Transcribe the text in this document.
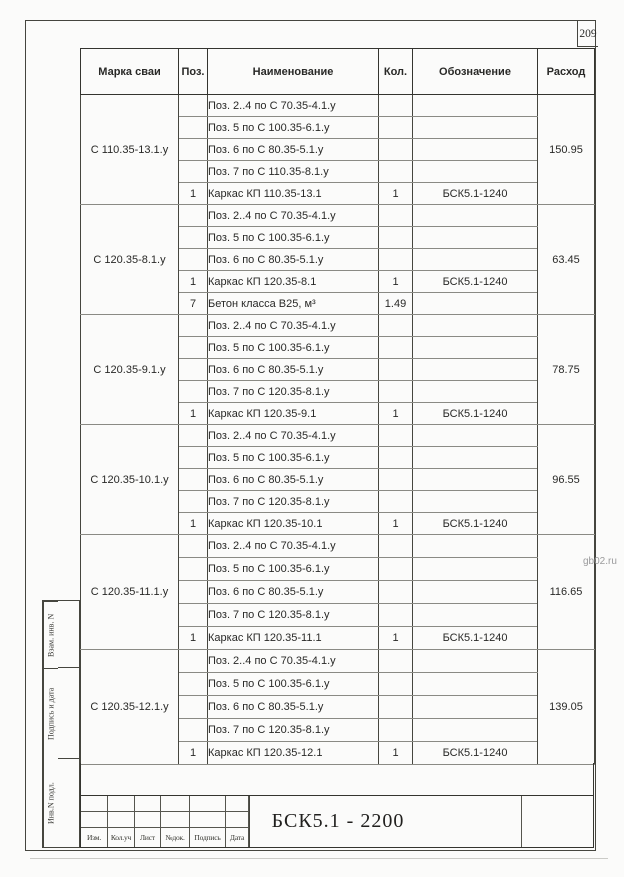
209
Марка сваи	Поз.	Наименование	Кол.	Обозначение	Расход
С 110.35-13.1.у		Поз. 2..4 по С 70.35-4.1.у			150.95
		Поз. 5 по С 100.35-6.1.у			
		Поз. 6 по С 80.35-5.1.у			
		Поз. 7 по С 110.35-8.1.у			
	1	Каркас КП 110.35-13.1	1	БСК5.1-1240	
С 120.35-8.1.у		Поз. 2..4 по С 70.35-4.1.у			63.45
		Поз. 5 по С 100.35-6.1.у			
		Поз. 6 по С 80.35-5.1.у			
	1	Каркас КП 120.35-8.1	1	БСК5.1-1240	
	7	Бетон класса В25, м³	1.49		
С 120.35-9.1.у		Поз. 2..4 по С 70.35-4.1.у			78.75
		Поз. 5 по С 100.35-6.1.у			
		Поз. 6 по С 80.35-5.1.у			
		Поз. 7 по С 120.35-8.1.у			
	1	Каркас КП 120.35-9.1	1	БСК5.1-1240	
С 120.35-10.1.у		Поз. 2..4 по С 70.35-4.1.у			96.55
		Поз. 5 по С 100.35-6.1.у			
		Поз. 6 по С 80.35-5.1.у			
		Поз. 7 по С 120.35-8.1.у			
	1	Каркас КП 120.35-10.1	1	БСК5.1-1240	
С 120.35-11.1.у		Поз. 2..4 по С 70.35-4.1.у			116.65
		Поз. 5 по С 100.35-6.1.у			
		Поз. 6 по С 80.35-5.1.у			
		Поз. 7 по С 120.35-8.1.у			
	1	Каркас КП 120.35-11.1	1	БСК5.1-1240	
С 120.35-12.1.у		Поз. 2..4 по С 70.35-4.1.у			139.05
		Поз. 5 по С 100.35-6.1.у			
		Поз. 6 по С 80.35-5.1.у			
		Поз. 7 по С 120.35-8.1.у			
	1	Каркас КП 120.35-12.1	1	БСК5.1-1240	
Взам. инв. N
Подпись и дата
Инв.N подл.
Изм.	Кол.уч	Лист	№док.	Подпись	Дата
БСК5.1 - 2200
gb02.ru
